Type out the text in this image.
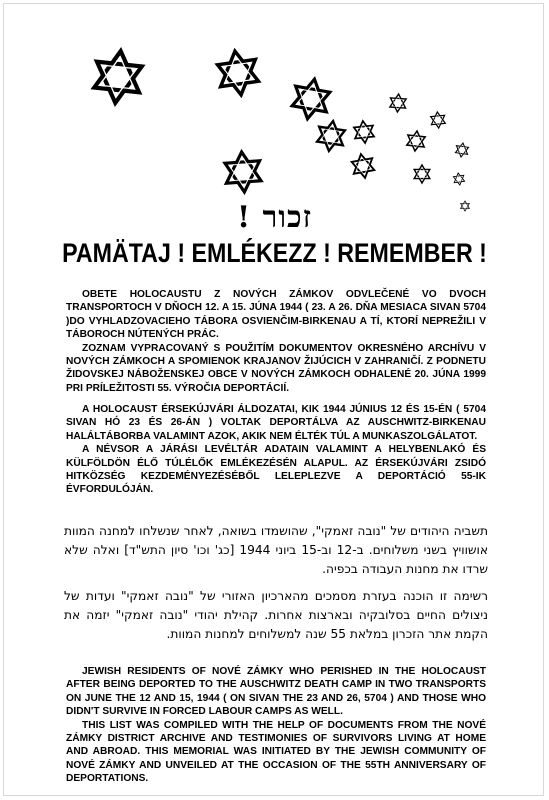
זכור !
PAMÄTAJ ! EMLÉKEZZ ! REMEMBER !

OBETE HOLOCAUSTU Z NOVÝCH ZÁMKOV ODVLEČENÉ VO DVOCH TRANSPORTOCH V DŇOCH 12. A 15. JÚNA 1944 ( 23. A 26. DŇA MESIACA SIVAN 5704 )DO VYHLADZOVACIEHO TÁBORA OSVIENČIM-BIRKENAU A TÍ, KTORÍ NEPREŽILI V TÁBOROCH NÚTENÝCH PRÁC.

ZOZNAM VYPRACOVANÝ S POUŽITÍM DOKUMENTOV OKRESNÉHO ARCHÍVU V NOVÝCH ZÁMKOCH A SPOMIENOK KRAJANOV ŽIJÚCICH V ZAHRANIČÍ. Z PODNETU ŽIDOVSKEJ NÁBOŽENSKEJ OBCE V NOVÝCH ZÁMKOCH ODHALENÉ 20. JÚNA 1999 PRI PRÍLEŽITOSTI 55. VÝROČIA DEPORTÁCIÍ.

A HOLOCAUST ÉRSEKÚJVÁRI ÁLDOZATAI, KIK 1944 JÚNIUS 12 ÉS 15-ÉN ( 5704 SIVAN HÓ 23 ÉS 26-ÁN ) VOLTAK DEPORTÁLVA AZ AUSCHWITZ-BIRKENAU HALÁLTÁBORBA VALAMINT AZOK, AKIK NEM ÉLTÉK TÚL A MUNKASZOLGÁLATOT.

A NÉVSOR A JÁRÁSI LEVÉLTÁR ADATAIN VALAMINT A HELYBENLAKÓ ÉS KÜLFÖLDÖN ÉLŐ TÚLÉLŐK EMLÉKEZÉSÉN ALAPUL. AZ ÉRSEKÚJVÁRI ZSIDÓ HITKÖZSÉG KEZDEMÉNYEZÉSÉBŐL LELEPLEZVE A DEPORTÁCIÓ 55-IK ÉVFORDULÓJÁN.

תשביה היהודים של "נובה זאמקי", שהושמדו בשואה, לאחר שנשלחו למחנה המוות אושוויץ בשני משלוחים. ב-12 וב-15 ביוני 1944 [כג' וכו' סיון התש"ד] ואלה שלא שרדו את מחנות העבודה בכפיה.

רשימה זו הוכנה בעזרת מסמכים מהארכיון האזורי של "נובה זאמקי" ועדות של ניצולים החיים בסלובקיה ובארצות אחרות. קהילת יהודי "נובה זאמקי" יזמה את הקמת אתר הזכרון במלאת 55 שנה למשלוחים למחנות המוות.

JEWISH RESIDENTS OF NOVÉ ZÁMKY WHO PERISHED IN THE HOLOCAUST AFTER BEING DEPORTED TO THE AUSCHWITZ DEATH CAMP IN TWO TRANSPORTS ON JUNE THE 12 AND 15, 1944 ( ON SIVAN THE 23 AND 26, 5704 ) AND THOSE WHO DIDN'T SURVIVE IN FORCED LABOUR CAMPS AS WELL.

THIS LIST WAS COMPILED WITH THE HELP OF DOCUMENTS FROM THE NOVÉ ZÁMKY DISTRICT ARCHIVE AND TESTIMONIES OF SURVIVORS LIVING AT HOME AND ABROAD. THIS MEMORIAL WAS INITIATED BY THE JEWISH COMMUNITY OF NOVÉ ZÁMKY AND UNVEILED AT THE OCCASION OF THE 55TH ANNIVERSARY OF DEPORTATIONS.
